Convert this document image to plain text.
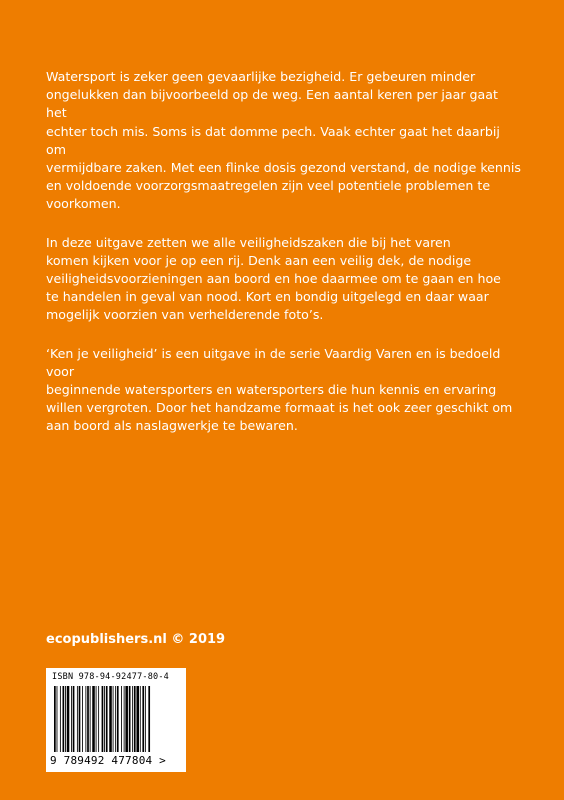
Watersport is zeker geen gevaarlijke bezigheid. Er gebeuren minder
ongelukken dan bijvoorbeeld op de weg. Een aantal keren per jaar gaat het
echter toch mis. Soms is dat domme pech. Vaak echter gaat het daarbij om
vermijdbare zaken. Met een flinke dosis gezond verstand, de nodige kennis
en voldoende voorzorgsmaatregelen zijn veel potentiele problemen te
voorkomen.

In deze uitgave zetten we alle veiligheidszaken die bij het varen
komen kijken voor je op een rij. Denk aan een veilig dek, de nodige
veiligheidsvoorzieningen aan boord en hoe daarmee om te gaan en hoe
te handelen in geval van nood. Kort en bondig uitgelegd en daar waar
mogelijk voorzien van verhelderende foto’s.

‘Ken je veiligheid’ is een uitgave in de serie Vaardig Varen en is bedoeld voor
beginnende watersporters en watersporters die hun kennis en ervaring
willen vergroten. Door het handzame formaat is het ook zeer geschikt om
aan boord als naslagwerkje te bewaren.

ecopublishers.nl © 2019
ISBN 978-94-92477-80-4
9 789492 477804 >
